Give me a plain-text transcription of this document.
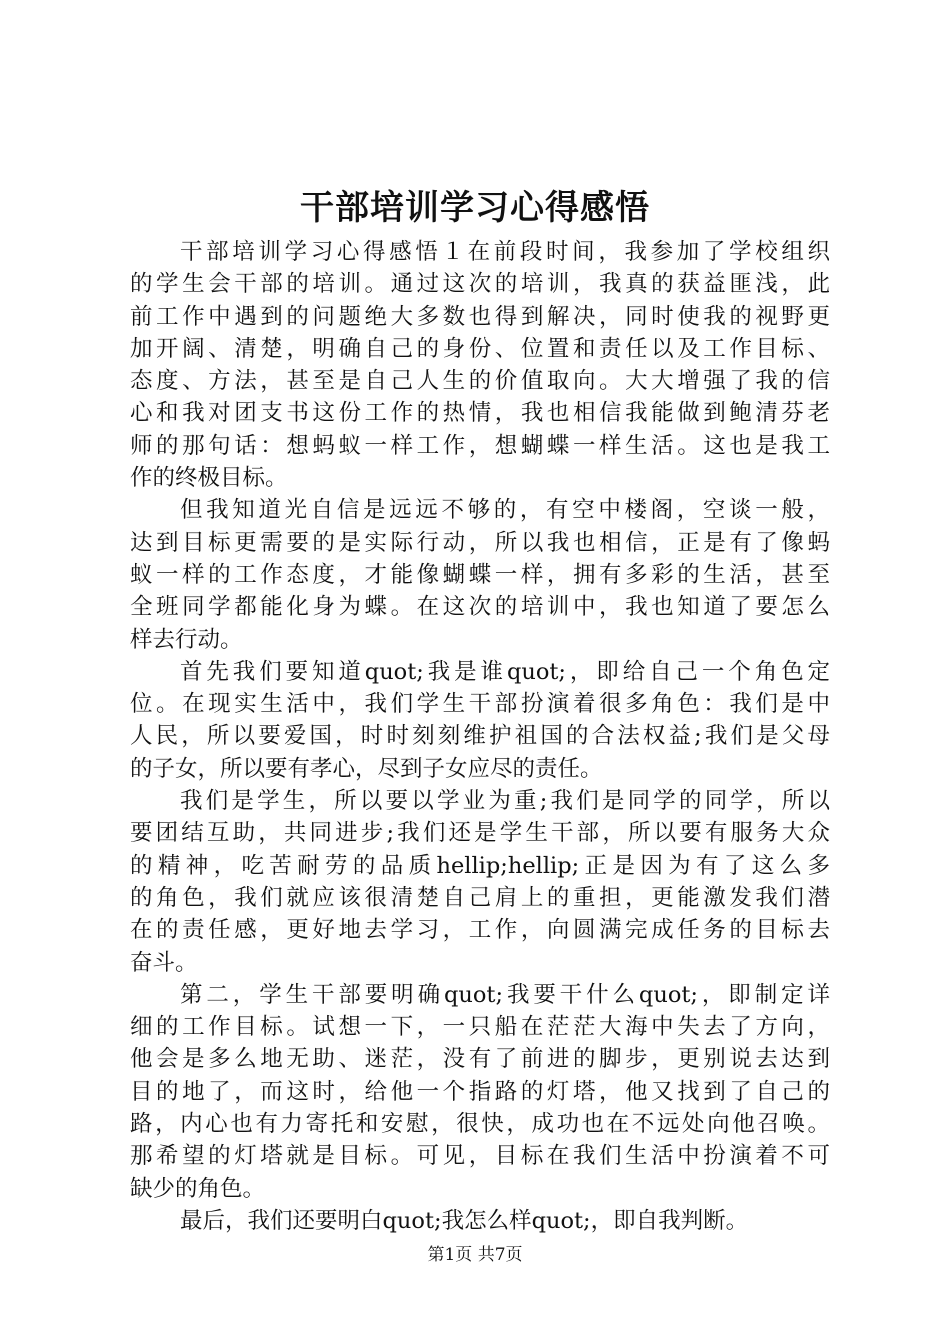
干部培训学习心得感悟
干部培训学习心得感悟１在前段时间，我参加了学校组织
的学生会干部的培训。通过这次的培训，我真的获益匪浅，此
前工作中遇到的问题绝大多数也得到解决，同时使我的视野更
加开阔、清楚，明确自己的身份、位置和责任以及工作目标、
态度、方法，甚至是自己人生的价值取向。大大增强了我的信
心和我对团支书这份工作的热情，我也相信我能做到鲍清芬老
师的那句话：想蚂蚁一样工作，想蝴蝶一样生活。这也是我工
作的终极目标。
但我知道光自信是远远不够的，有空中楼阁，空谈一般，
达到目标更需要的是实际行动，所以我也相信，正是有了像蚂
蚁一样的工作态度，才能像蝴蝶一样，拥有多彩的生活，甚至
全班同学都能化身为蝶。在这次的培训中，我也知道了要怎么
样去行动。
首先我们要知道quot;我是谁quot;，即给自己一个角色定
位。在现实生活中，我们学生干部扮演着很多角色：我们是中
人民，所以要爱国，时时刻刻维护祖国的合法权益;我们是父母
的子女，所以要有孝心，尽到子女应尽的责任。
我们是学生，所以要以学业为重;我们是同学的同学，所以
要团结互助，共同进步;我们还是学生干部，所以要有服务大众
的精神，吃苦耐劳的品质hellip;hellip;正是因为有了这么多
的角色，我们就应该很清楚自己肩上的重担，更能激发我们潜
在的责任感，更好地去学习，工作，向圆满完成任务的目标去
奋斗。
第二，学生干部要明确quot;我要干什么quot;，即制定详
细的工作目标。试想一下，一只船在茫茫大海中失去了方向，
他会是多么地无助、迷茫，没有了前进的脚步，更别说去达到
目的地了，而这时，给他一个指路的灯塔，他又找到了自己的
路，内心也有力寄托和安慰，很快，成功也在不远处向他召唤。
那希望的灯塔就是目标。可见，目标在我们生活中扮演着不可
缺少的角色。
最后，我们还要明白quot;我怎么样quot;，即自我判断。
第1页 共7页
